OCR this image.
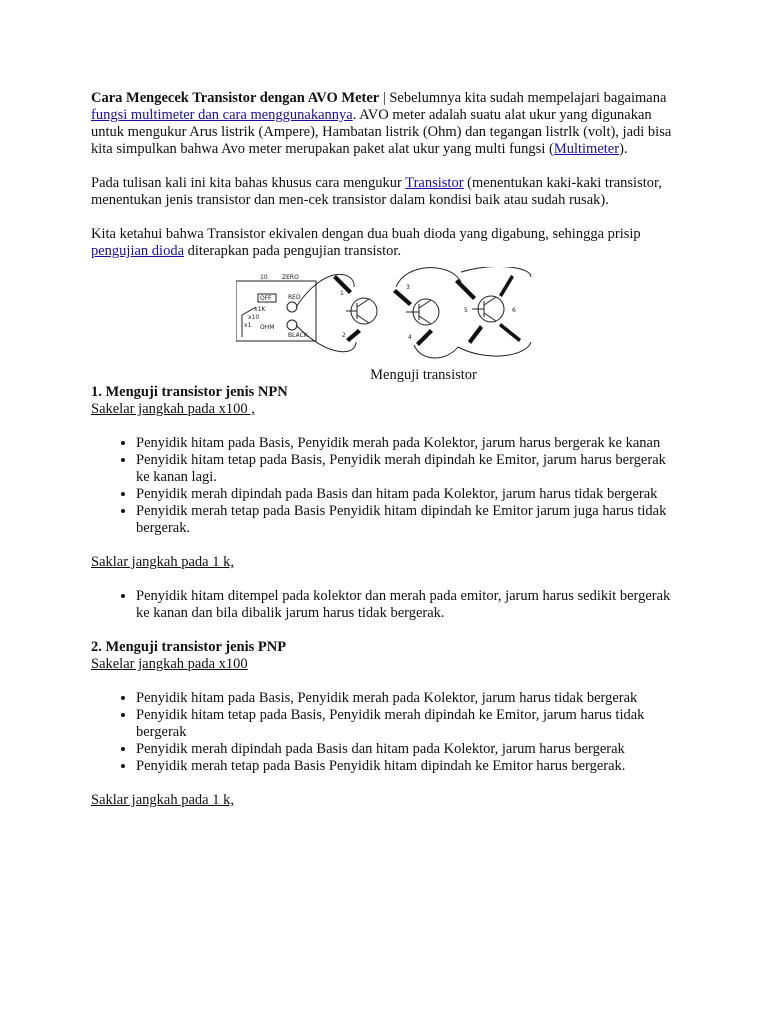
Cara Mengecek Transistor dengan AVO Meter | Sebelumnya kita sudah mempelajari bagaimana fungsi multimeter dan cara menggunakannya. AVO meter adalah suatu alat ukur yang digunakan untuk mengukur Arus listrik (Ampere), Hambatan listrik (Ohm) dan tegangan listrlk (volt), jadi bisa kita simpulkan bahwa Avo meter merupakan paket alat ukur yang multi fungsi (Multimeter).

Pada tulisan kali ini kita bahas khusus cara mengukur Transistor (menentukan kaki-kaki transistor, menentukan jenis transistor dan men-cek transistor dalam kondisi baik atau sudah rusak).

Kita ketahui bahwa Transistor ekivalen dengan dua buah dioda yang digabung, sehingga prisip pengujian dioda diterapkan pada pengujian transistor.

10
OFF
x1K
x10
x1 OHM
ZERO
RED
BLACK
1
2
3
4
5	6

Menguji transistor

1. Menguji transistor jenis NPN

Sakelar jangkah pada x100 ,

• Penyidik hitam pada Basis, Penyidik merah pada Kolektor, jarum harus bergerak ke kanan
• Penyidik hitam tetap pada Basis, Penyidik merah dipindah ke Emitor, jarum harus bergerak ke kanan lagi.
• Penyidik merah dipindah pada Basis dan hitam pada Kolektor, jarum harus tidak bergerak
• Penyidik merah tetap pada Basis Penyidik hitam dipindah ke Emitor jarum juga harus tidak bergerak.

Saklar jangkah pada 1 k,

• Penyidik hitam ditempel pada kolektor dan merah pada emitor, jarum harus sedikit bergerak ke kanan dan bila dibalik jarum harus tidak bergerak.
2. Menguji transistor jenis PNP

Sakelar jangkah pada x100

• Penyidik hitam pada Basis, Penyidik merah pada Kolektor, jarum harus tidak bergerak
• Penyidik hitam tetap pada Basis, Penyidik merah dipindah ke Emitor, jarum harus tidak bergerak
• Penyidik merah dipindah pada Basis dan hitam pada Kolektor, jarum harus bergerak
• Penyidik merah tetap pada Basis Penyidik hitam dipindah ke Emitor harus bergerak.

Saklar jangkah pada 1 k,
